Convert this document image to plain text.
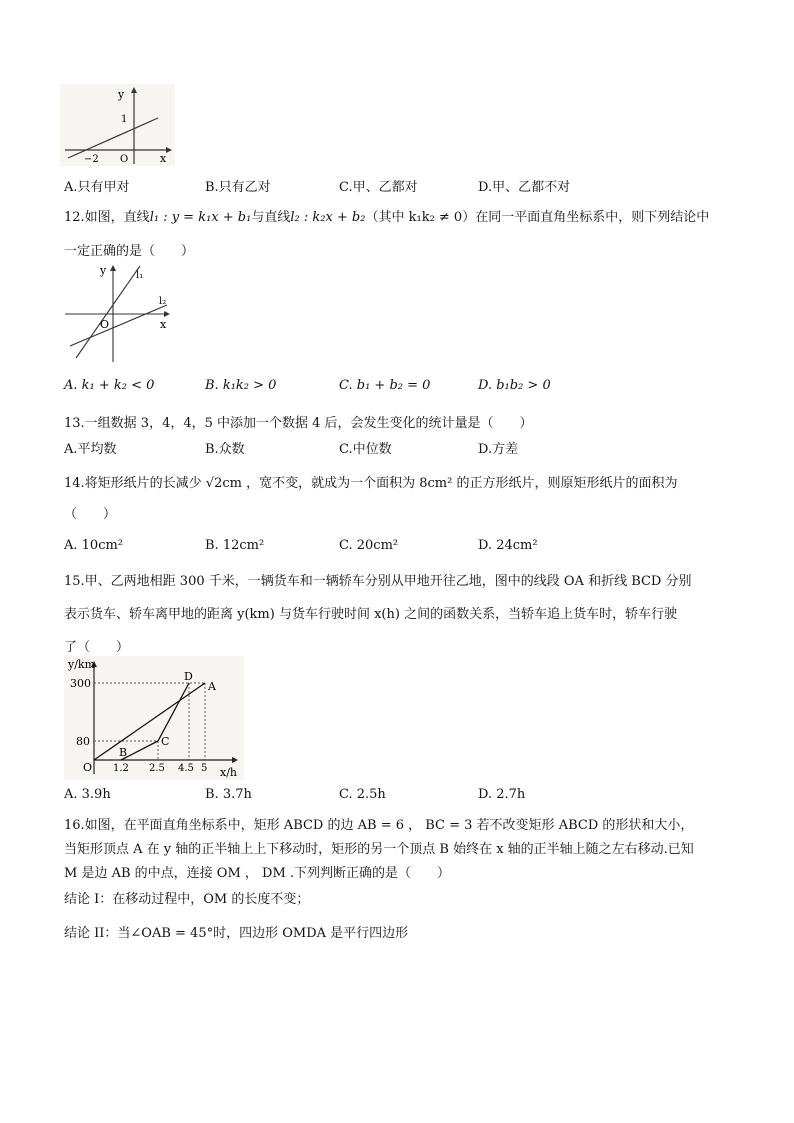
y
x
1
−2 O
A.只有甲对	B.只有乙对	C.甲、乙都对	D.甲、乙都不对
12.如图，直线l₁ : y = k₁x + b₁与直线l₂ : k₂x + b₂（其中 k₁k₂ ≠ 0）在同一平面直角坐标系中，则下列结论中
一定正确的是（　　）
y
x
O
l₁
l₂
A. k₁ + k₂ < 0	B. k₁k₂ > 0	C. b₁ + b₂ = 0	D. b₁b₂ > 0
13.一组数据 3，4，4，5 中添加一个数据 4 后，会发生变化的统计量是（　　）
A.平均数	B.众数	C.中位数	D.方差
14.将矩形纸片的长减少 √2cm ，宽不变，就成为一个面积为 8cm² 的正方形纸片，则原矩形纸片的面积为
（　　）
A. 10cm²	B. 12cm²	C. 20cm²	D. 24cm²
15.甲、乙两地相距 300 千米，一辆货车和一辆轿车分别从甲地开往乙地，图中的线段 OA 和折线 BCD 分别
表示货车、轿车离甲地的距离 y(km) 与货车行驶时间 x(h) 之间的函数关系，当轿车追上货车时，轿车行驶
了（　　）
y/km
x/h
300
80
O 1.2 2.5 4.5 5
A
B
C
D
A. 3.9h	B. 3.7h	C. 2.5h	D. 2.7h
16.如图，在平面直角坐标系中，矩形 ABCD 的边 AB = 6 ， BC = 3 若不改变矩形 ABCD 的形状和大小，
当矩形顶点 A 在 y 轴的正半轴上上下移动时，矩形的另一个顶点 B 始终在 x 轴的正半轴上随之左右移动.已知
M 是边 AB 的中点，连接 OM ， DM .下列判断正确的是（　　）
结论 I：在移动过程中，OM 的长度不变；
结论 II：当∠OAB = 45°时，四边形 OMDA 是平行四边形
